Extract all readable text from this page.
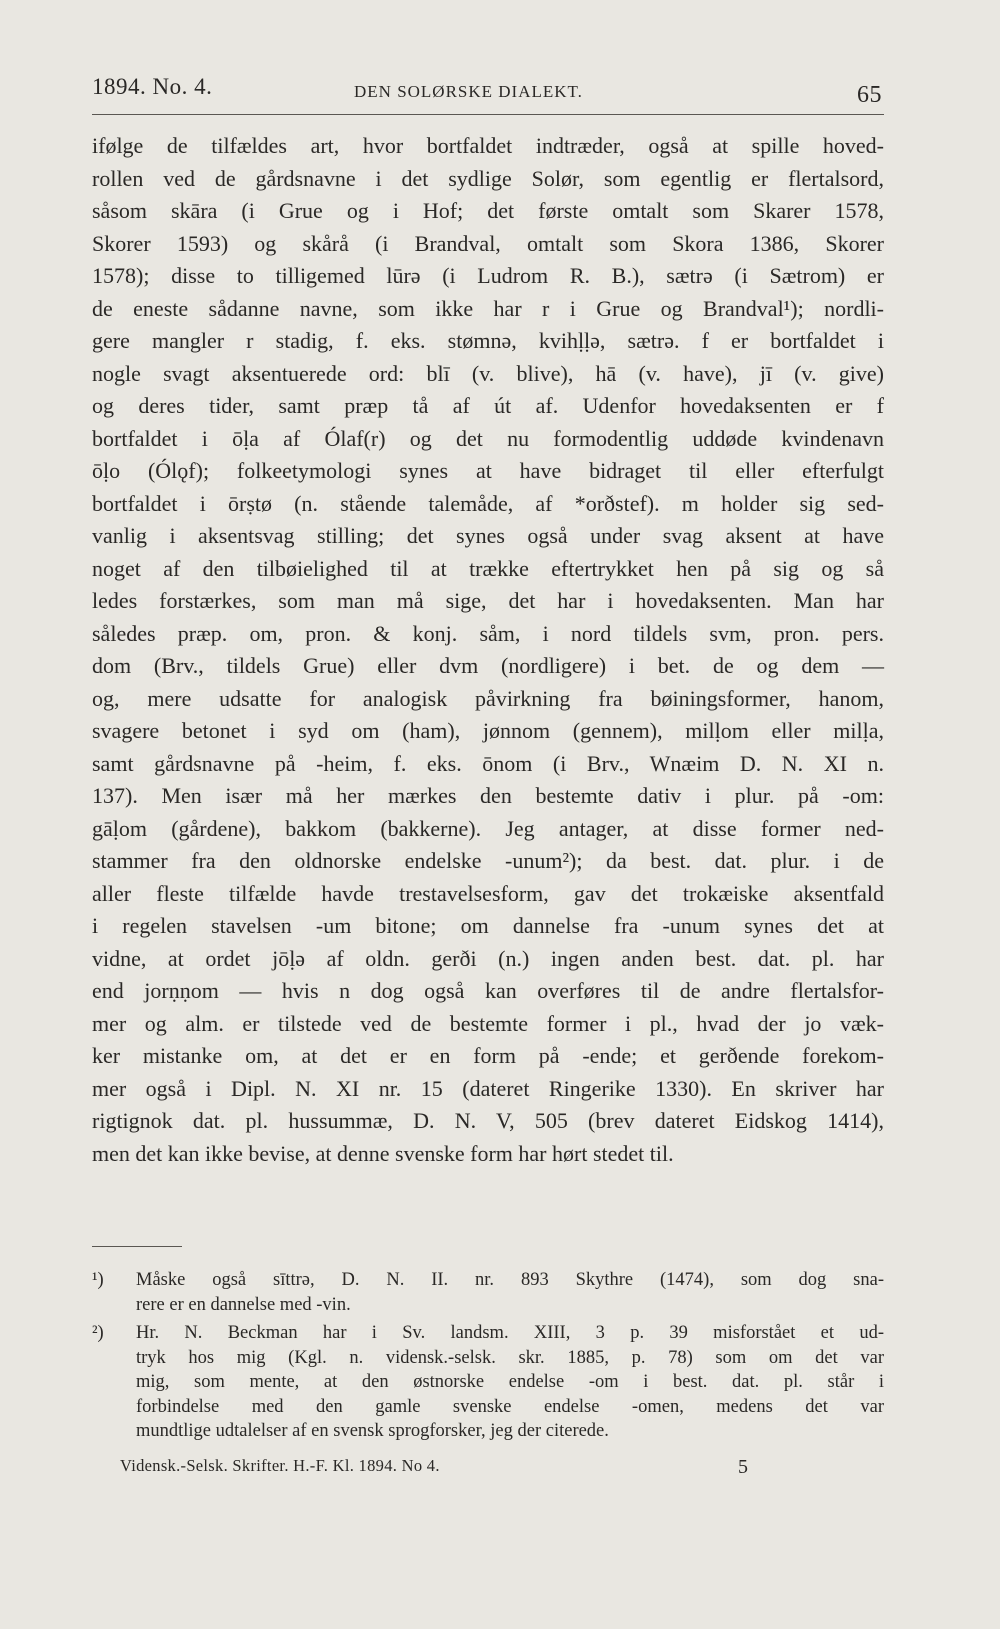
1894. No. 4.	DEN SOLØRSKE DIALEKT.	65
ifølge de tilfældes art, hvor bortfaldet indtræder, også at spille hoved-
rollen ved de gårdsnavne i det sydlige Solør, som egentlig er flertalsord,
såsom skāra (i Grue og i Hof; det første omtalt som Skarer 1578,
Skorer 1593) og skårå (i Brandval, omtalt som Skora 1386, Skorer
1578); disse to tilligemed lūrə (i Ludrom R. B.), sætrə (i Sætrom) er
de eneste sådanne navne, som ikke har r i Grue og Brandval¹); nordli-
gere mangler r stadig, f. eks. stømnə, kvihḷḷə, sætrə. f er bortfaldet i
nogle svagt aksentuerede ord: blī (v. blive), hā (v. have), jī (v. give)
og deres tider, samt præp tå af út af. Udenfor hovedaksenten er f
bortfaldet i ōḷa af Ólaf(r) og det nu formodentlig uddøde kvindenavn
ōḷo (Ólǫf); folkeetymologi synes at have bidraget til eller efterfulgt
bortfaldet i ōrṣtø (n. stående talemåde, af *orðstef). m holder sig sed-
vanlig i aksentsvag stilling; det synes også under svag aksent at have
noget af den tilbøielighed til at trække eftertrykket hen på sig og så
ledes forstærkes, som man må sige, det har i hovedaksenten. Man har
således præp. om, pron. & konj. såm, i nord tildels svm, pron. pers.
dom (Brv., tildels Grue) eller dvm (nordligere) i bet. de og dem —
og, mere udsatte for analogisk påvirkning fra bøiningsformer, hanom,
svagere betonet i syd om (ham), jønnom (gennem), milḷom eller milḷa,
samt gårdsnavne på -heim, f. eks. ōnom (i Brv., Wnæim D. N. XI n.
137). Men især må her mærkes den bestemte dativ i plur. på -om:
gāḷom (gårdene), bakkom (bakkerne). Jeg antager, at disse former ned-
stammer fra den oldnorske endelske -unum²); da best. dat. plur. i de
aller fleste tilfælde havde trestavelsesform, gav det trokæiske aksentfald
i regelen stavelsen -um bitone; om dannelse fra -unum synes det at
vidne, at ordet jōḷə af oldn. gerði (n.) ingen anden best. dat. pl. har
end jorṇṇom — hvis n dog også kan overføres til de andre flertalsfor-
mer og alm. er tilstede ved de bestemte former i pl., hvad der jo væk-
ker mistanke om, at det er en form på -ende; et gerðende forekom-
mer også i Dipl. N. XI nr. 15 (dateret Ringerike 1330). En skriver har
rigtignok dat. pl. hussummæ, D. N. V, 505 (brev dateret Eidskog 1414),
men det kan ikke bevise, at denne svenske form har hørt stedet til.
¹) Måske også sīttrə, D. N. II. nr. 893 Skythre (1474), som dog sna-
rere er en dannelse med -vin.
²) Hr. N. Beckman har i Sv. landsm. XIII, 3 p. 39 misforstået et ud-
tryk hos mig (Kgl. n. vidensk.-selsk. skr. 1885, p. 78) som om det var
mig, som mente, at den østnorske endelse -om i best. dat. pl. står i
forbindelse med den gamle svenske endelse -omen, medens det var
mundtlige udtalelser af en svensk sprogforsker, jeg der citerede.
Vidensk.-Selsk. Skrifter. H.-F. Kl. 1894. No 4.	5
